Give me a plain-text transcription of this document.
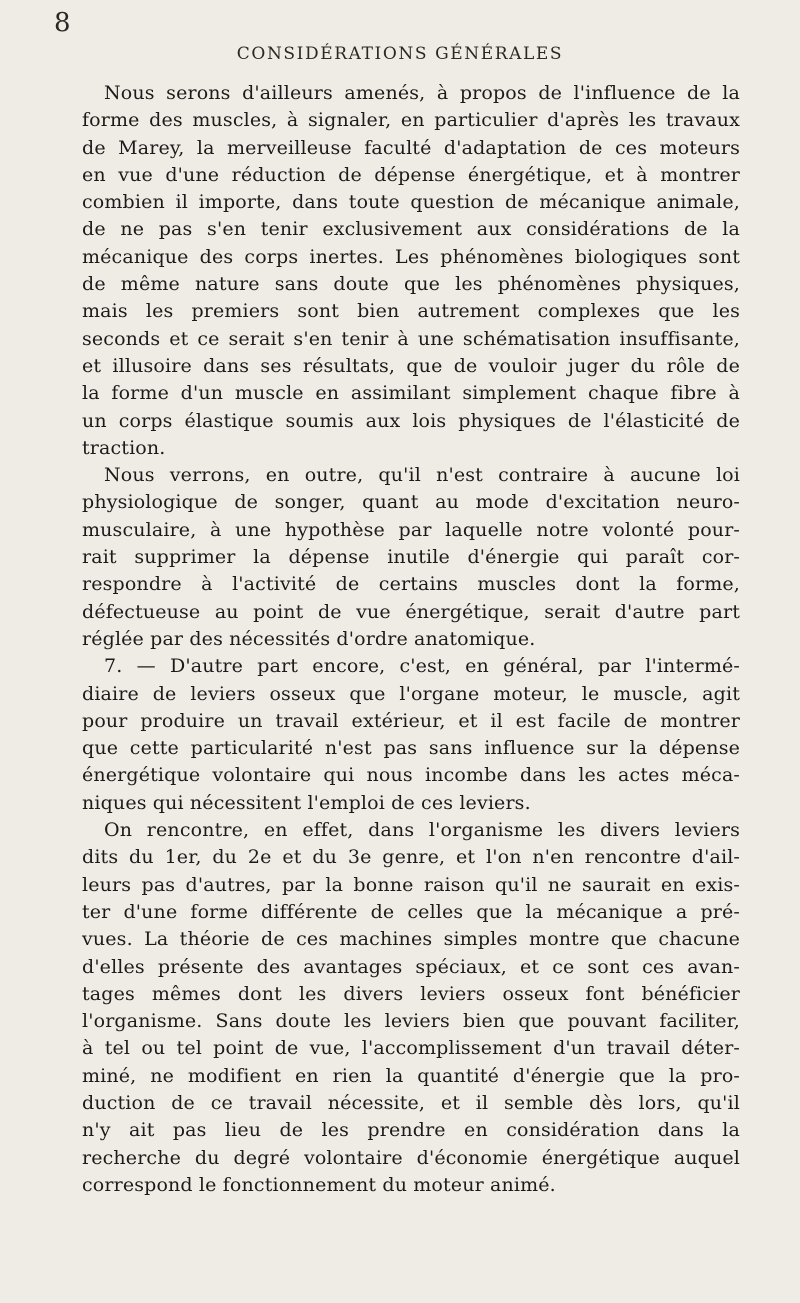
8
CONSIDÉRATIONS GÉNÉRALES
Nous serons d'ailleurs amenés, à propos de l'influence de la
forme des muscles, à signaler, en particulier d'après les travaux
de Marey, la merveilleuse faculté d'adaptation de ces moteurs
en vue d'une réduction de dépense énergétique, et à montrer
combien il importe, dans toute question de mécanique animale,
de ne pas s'en tenir exclusivement aux considérations de la
mécanique des corps inertes. Les phénomènes biologiques sont
de même nature sans doute que les phénomènes physiques,
mais les premiers sont bien autrement complexes que les
seconds et ce serait s'en tenir à une schématisation insuffisante,
et illusoire dans ses résultats, que de vouloir juger du rôle de
la forme d'un muscle en assimilant simplement chaque fibre à
un corps élastique soumis aux lois physiques de l'élasticité de
traction.
Nous verrons, en outre, qu'il n'est contraire à aucune loi
physiologique de songer, quant au mode d'excitation neuro-
musculaire, à une hypothèse par laquelle notre volonté pour-
rait supprimer la dépense inutile d'énergie qui paraît cor-
respondre à l'activité de certains muscles dont la forme,
défectueuse au point de vue énergétique, serait d'autre part
réglée par des nécessités d'ordre anatomique.
7. — D'autre part encore, c'est, en général, par l'intermé-
diaire de leviers osseux que l'organe moteur, le muscle, agit
pour produire un travail extérieur, et il est facile de montrer
que cette particularité n'est pas sans influence sur la dépense
énergétique volontaire qui nous incombe dans les actes méca-
niques qui nécessitent l'emploi de ces leviers.
On rencontre, en effet, dans l'organisme les divers leviers
dits du 1er, du 2e et du 3e genre, et l'on n'en rencontre d'ail-
leurs pas d'autres, par la bonne raison qu'il ne saurait en exis-
ter d'une forme différente de celles que la mécanique a pré-
vues. La théorie de ces machines simples montre que chacune
d'elles présente des avantages spéciaux, et ce sont ces avan-
tages mêmes dont les divers leviers osseux font bénéficier
l'organisme. Sans doute les leviers bien que pouvant faciliter,
à tel ou tel point de vue, l'accomplissement d'un travail déter-
miné, ne modifient en rien la quantité d'énergie que la pro-
duction de ce travail nécessite, et il semble dès lors, qu'il
n'y ait pas lieu de les prendre en considération dans la
recherche du degré volontaire d'économie énergétique auquel
correspond le fonctionnement du moteur animé.
